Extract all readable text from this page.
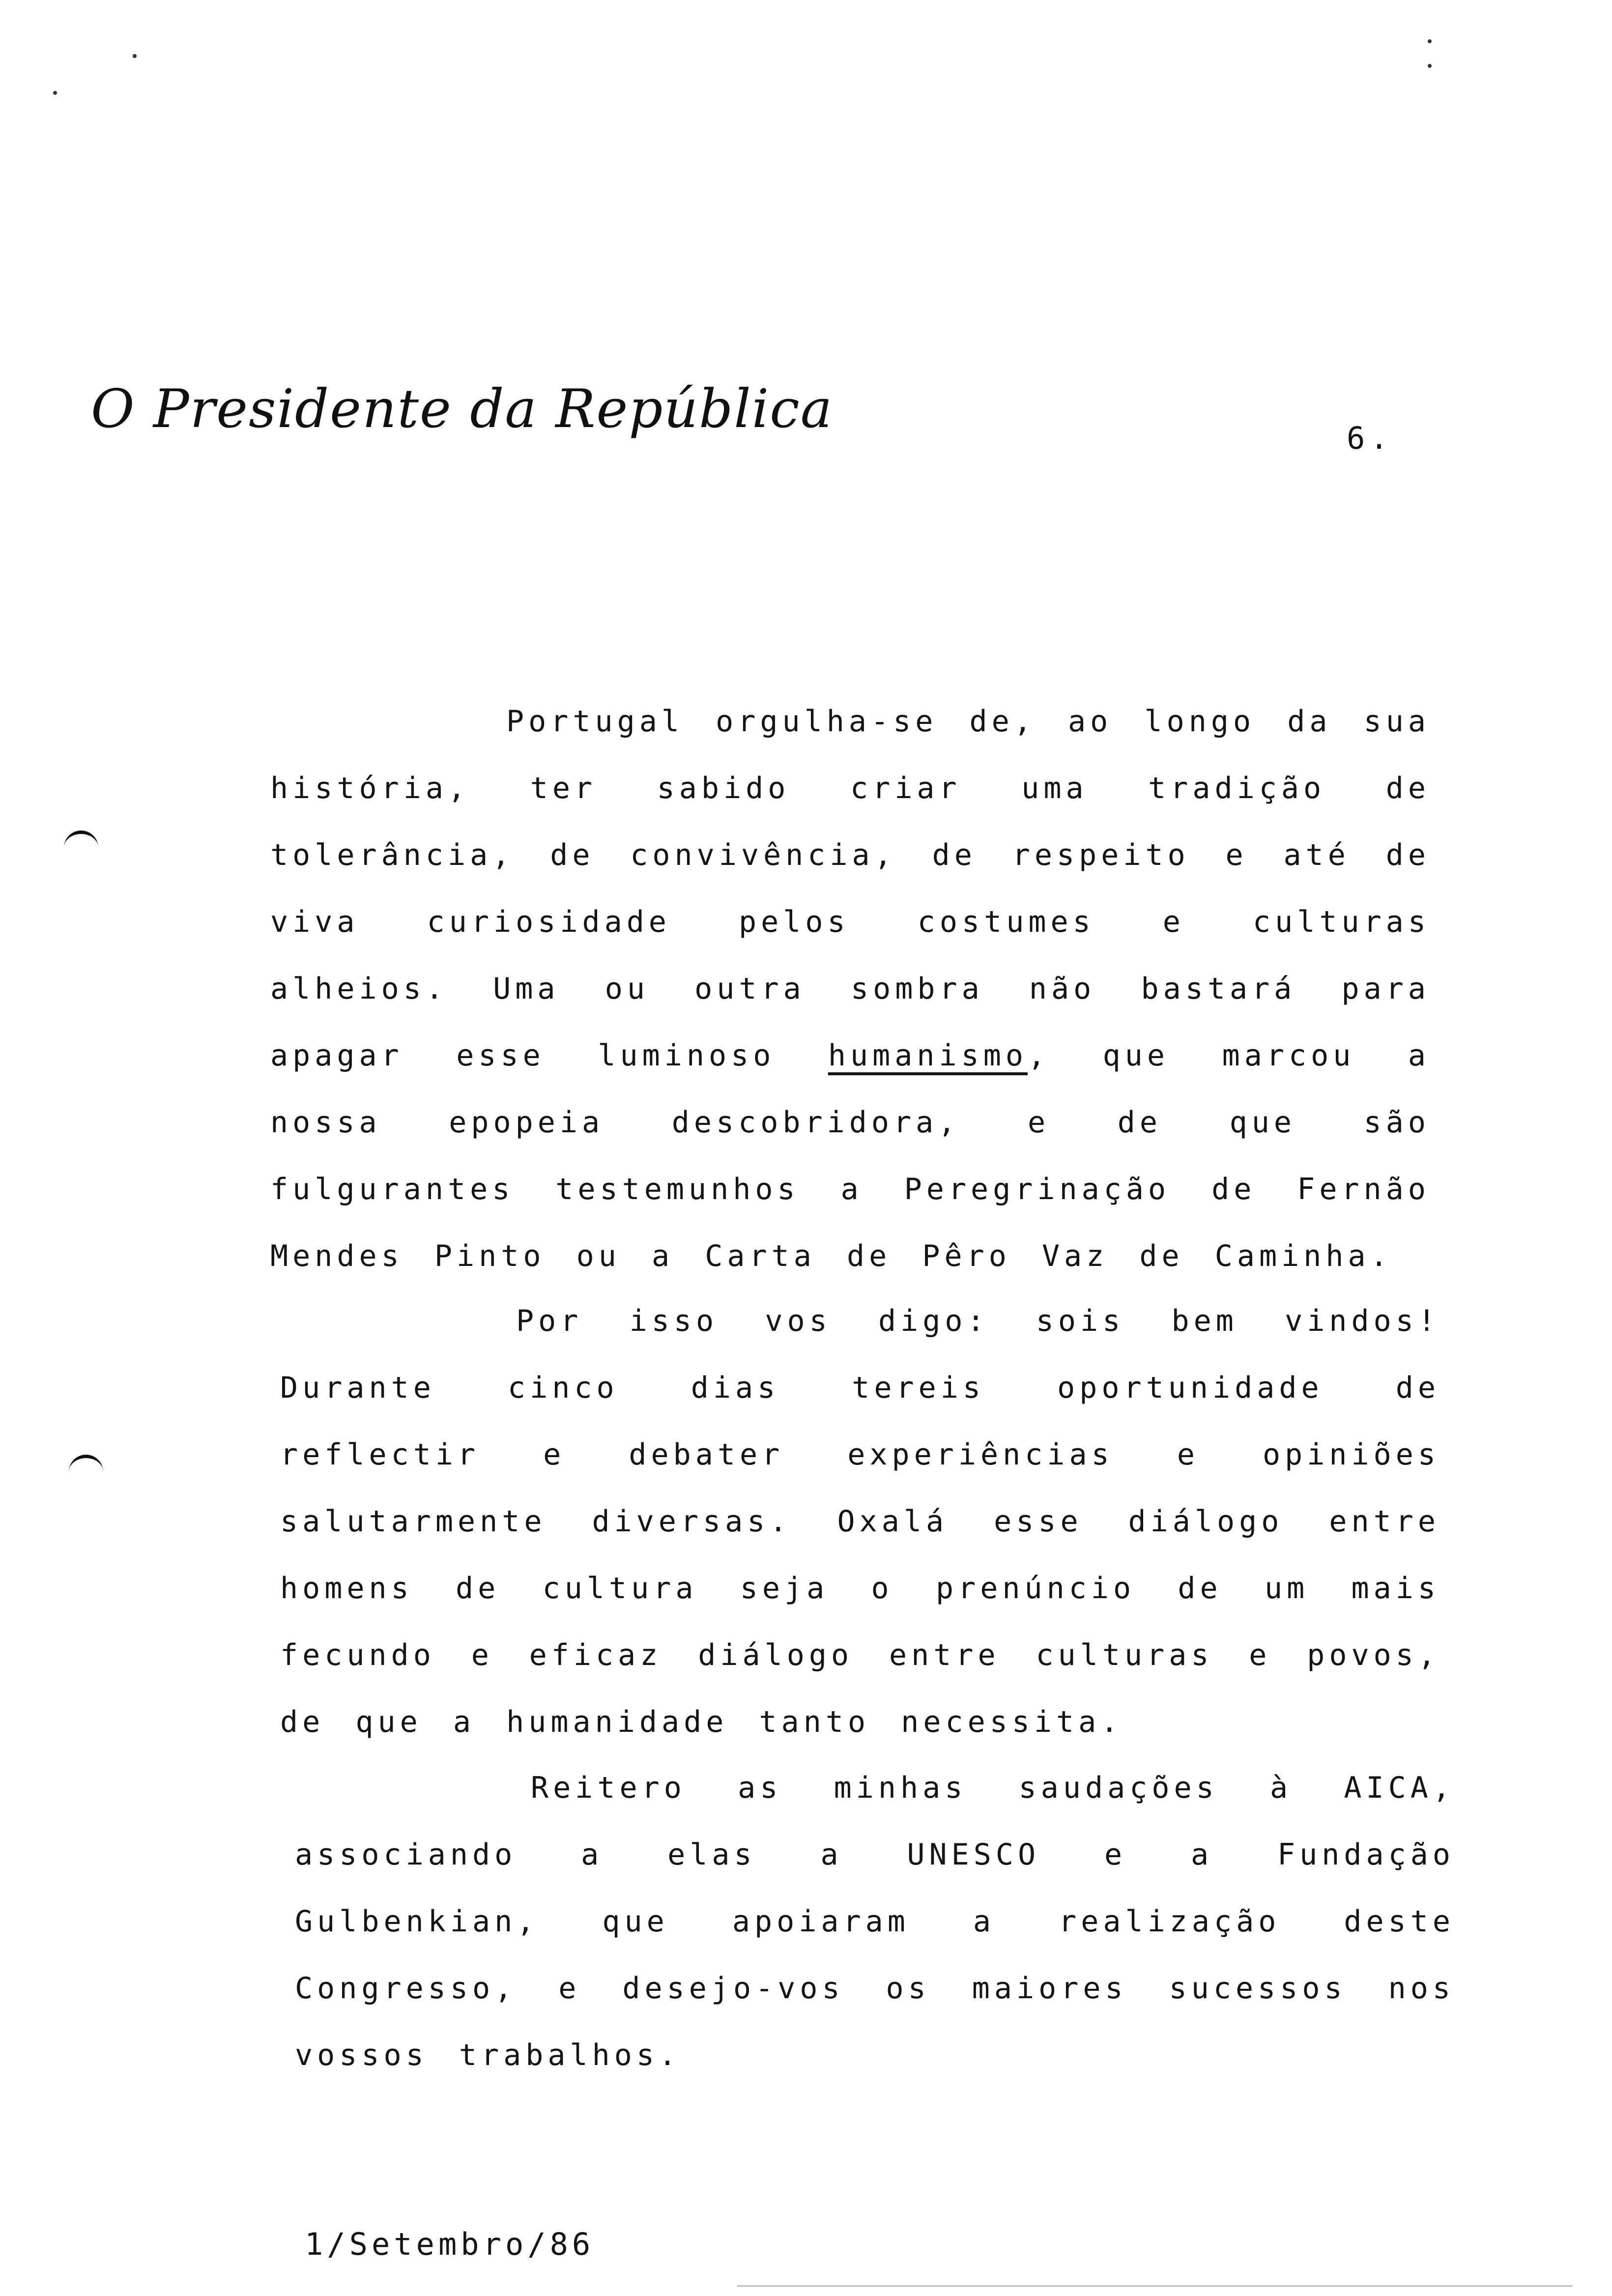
O Presidente da República	6.
Portugal orgulha-se de, ao longo da sua história, ter sabido criar uma tradição de tolerância, de convivência, de respeito e até de viva curiosidade pelos costumes e culturas alheios. Uma ou outra sombra não bastará para apagar esse luminoso humanismo, que marcou a nossa epopeia descobridora, e de que são fulgurantes testemunhos a Peregrinação de Fernão Mendes Pinto ou a Carta de Pêro Vaz de Caminha.
Por isso vos digo: sois bem vindos! Durante cinco dias tereis oportunidade de reflectir e debater experiências e opiniões salutarmente diversas. Oxalá esse diálogo entre homens de cultura seja o prenúncio de um mais fecundo e eficaz diálogo entre culturas e povos, de que a humanidade tanto necessita.
Reitero as minhas saudações à AICA, associando a elas a UNESCO e a Fundação Gulbenkian, que apoiaram a realização deste Congresso, e desejo-vos os maiores sucessos nos vossos trabalhos.
1/Setembro/86
